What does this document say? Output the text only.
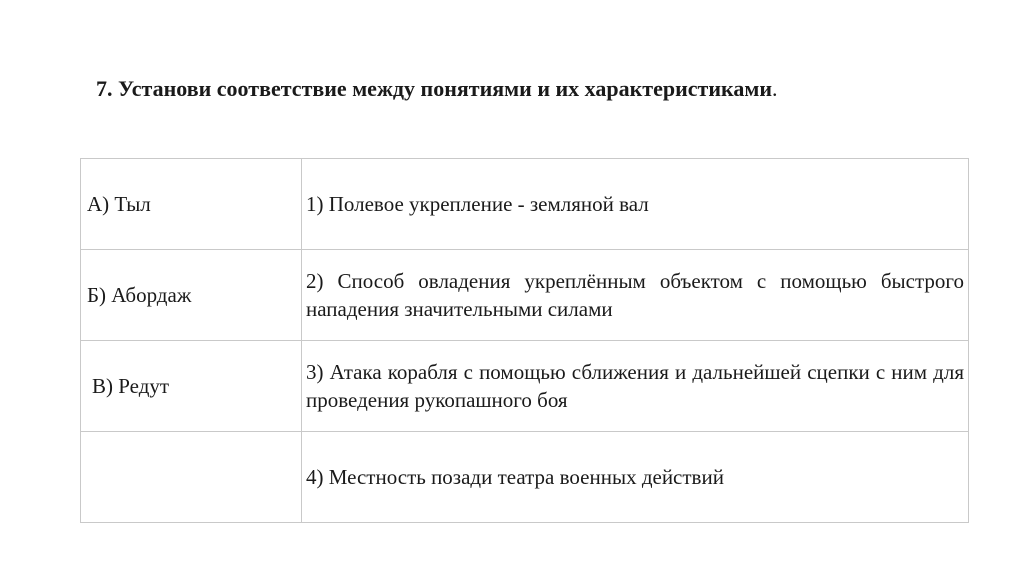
7. Установи соответствие между понятиями и их характеристиками.
А) Тыл	1) Полевое укрепление - земляной вал
Б) Абордаж	2) Способ овладения укреплённым объектом с помощью быстрого нападения значительными силами
В) Редут	3) Атака корабля с помощью сближения и дальнейшей сцепки с ним для проведения рукопашного боя
	4) Местность позади театра военных действий
